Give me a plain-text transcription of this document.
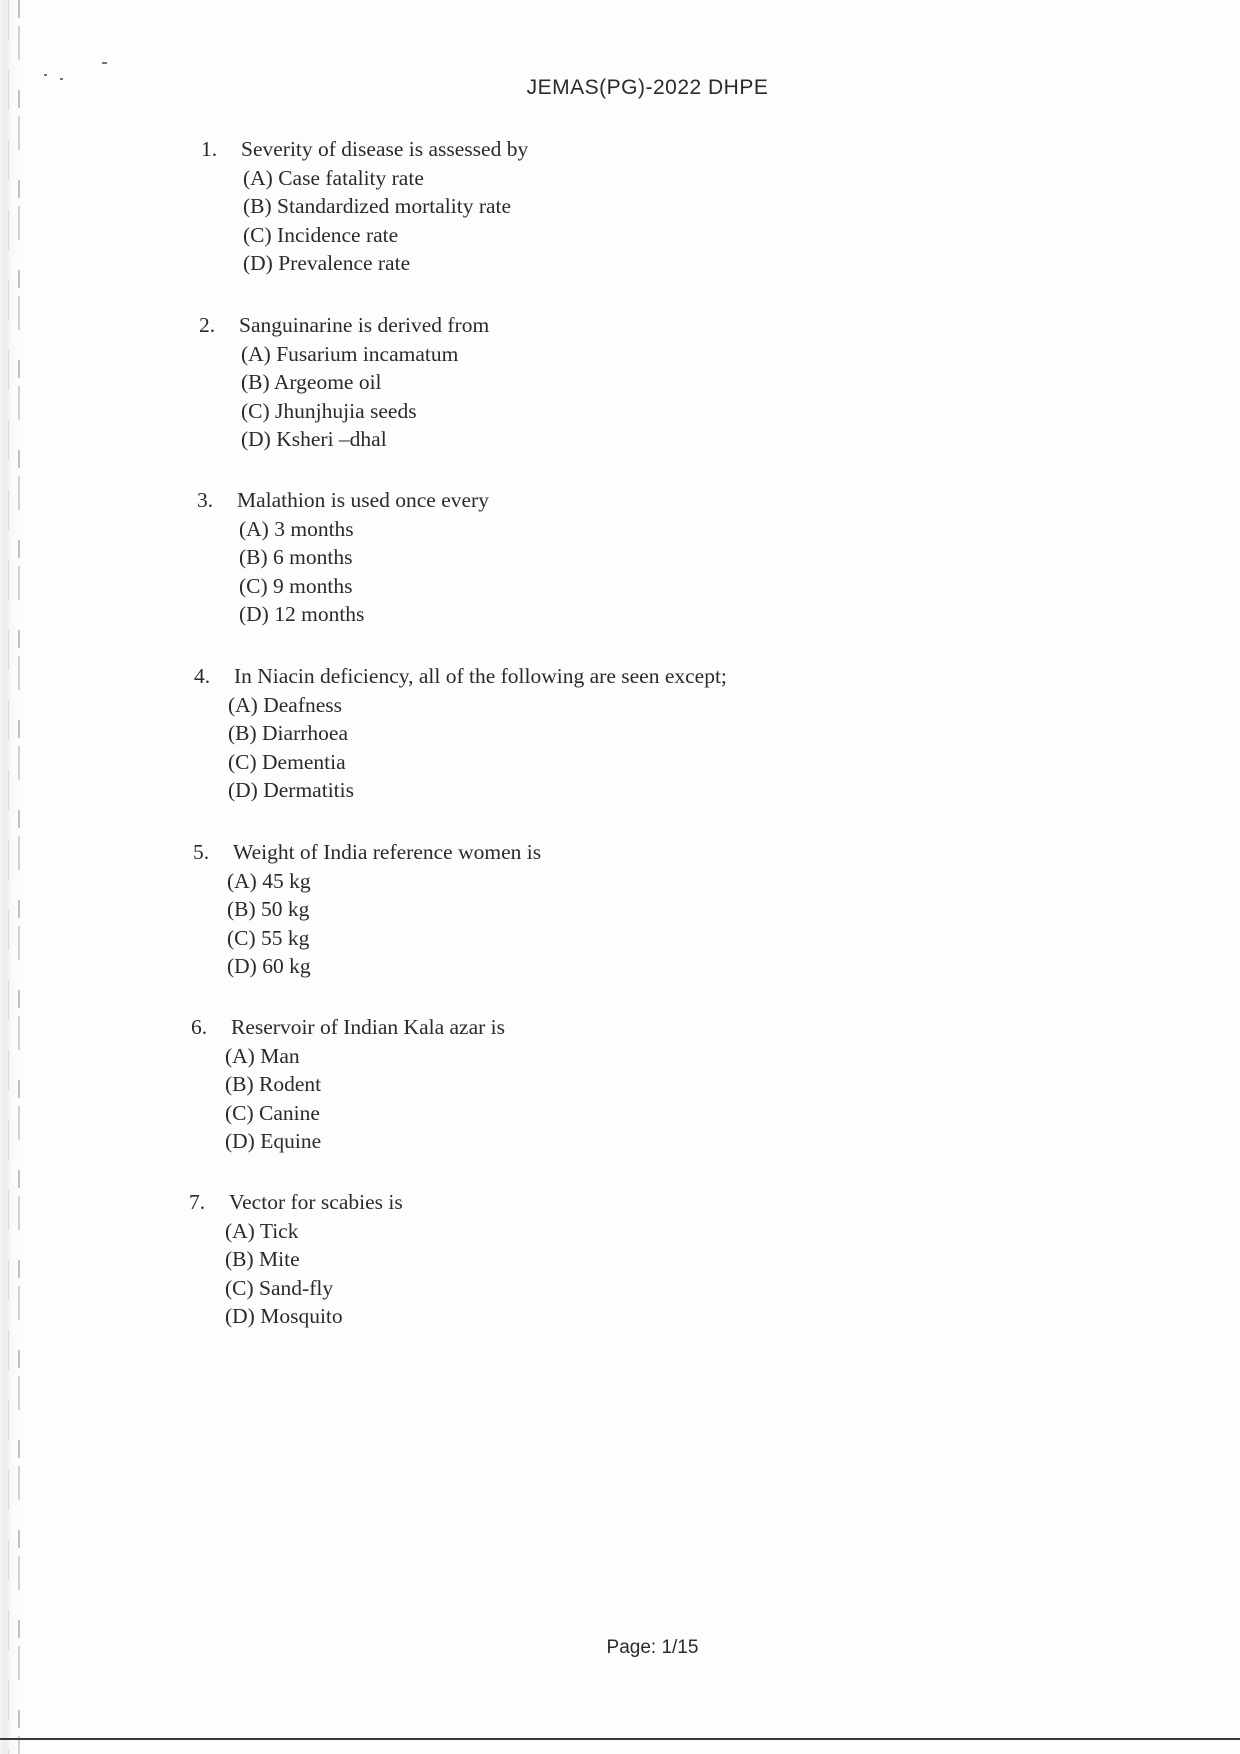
JEMAS(PG)-2022 DHPE
1. Severity of disease is assessed by
(A) Case fatality rate
(B) Standardized mortality rate
(C) Incidence rate
(D) Prevalence rate
2. Sanguinarine is derived from
(A) Fusarium incamatum
(B) Argeome oil
(C) Jhunjhujia seeds
(D) Ksheri –dhal
3. Malathion is used once every
(A) 3 months
(B) 6 months
(C) 9 months
(D) 12 months
4. In Niacin deficiency, all of the following are seen except;
(A) Deafness
(B) Diarrhoea
(C) Dementia
(D) Dermatitis
5. Weight of India reference women is
(A) 45 kg
(B) 50 kg
(C) 55 kg
(D) 60 kg
6. Reservoir of Indian Kala azar is
(A) Man
(B) Rodent
(C) Canine
(D) Equine
7. Vector for scabies is
(A) Tick
(B) Mite
(C) Sand-fly
(D) Mosquito
Page: 1/15
